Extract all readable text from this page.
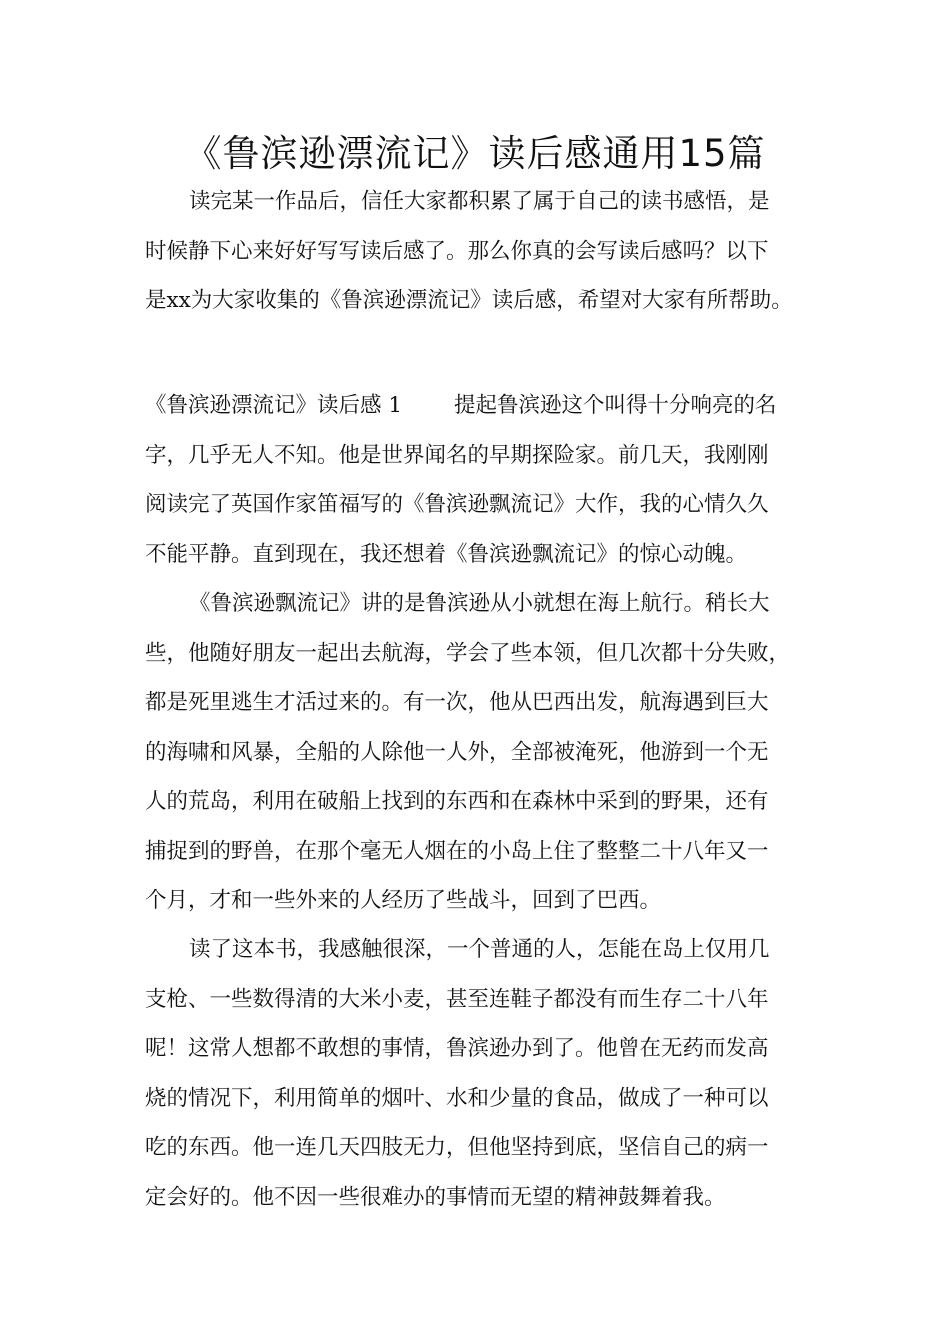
《鲁滨逊漂流记》读后感通用15篇
读完某一作品后，信任大家都积累了属于自己的读书感悟，是
时候静下心来好好写写读后感了。那么你真的会写读后感吗？以下
是xx为大家收集的《鲁滨逊漂流记》读后感，希望对大家有所帮助。
《鲁滨逊漂流记》读后感 1 提起鲁滨逊这个叫得十分响亮的名
字，几乎无人不知。他是世界闻名的早期探险家。前几天，我刚刚
阅读完了英国作家笛福写的《鲁滨逊飘流记》大作，我的心情久久
不能平静。直到现在，我还想着《鲁滨逊飘流记》的惊心动魄。
《鲁滨逊飘流记》讲的是鲁滨逊从小就想在海上航行。稍长大
些，他随好朋友一起出去航海，学会了些本领，但几次都十分失败，
都是死里逃生才活过来的。有一次，他从巴西出发，航海遇到巨大
的海啸和风暴，全船的人除他一人外，全部被淹死，他游到一个无
人的荒岛，利用在破船上找到的东西和在森林中采到的野果，还有
捕捉到的野兽，在那个毫无人烟在的小岛上住了整整二十八年又一
个月，才和一些外来的人经历了些战斗，回到了巴西。
读了这本书，我感触很深，一个普通的人，怎能在岛上仅用几
支枪、一些数得清的大米小麦，甚至连鞋子都没有而生存二十八年
呢！这常人想都不敢想的事情，鲁滨逊办到了。他曾在无药而发高
烧的情况下，利用简单的烟叶、水和少量的食品，做成了一种可以
吃的东西。他一连几天四肢无力，但他坚持到底，坚信自己的病一
定会好的。他不因一些很难办的事情而无望的精神鼓舞着我。
